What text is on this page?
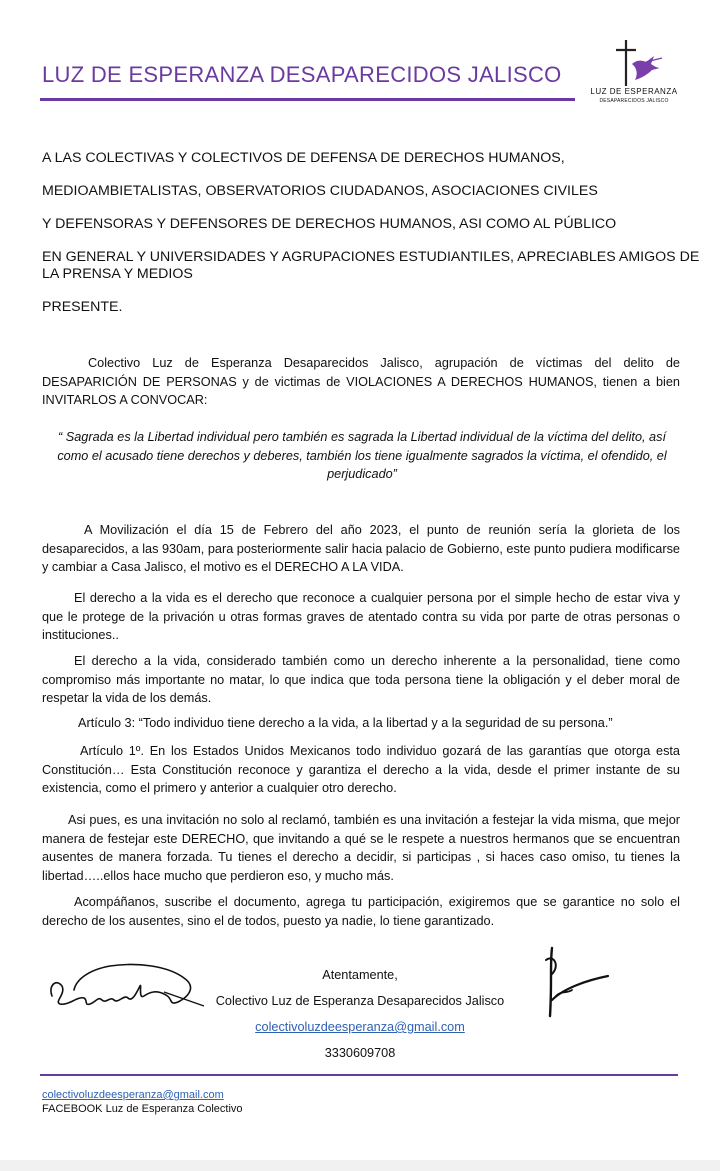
LUZ DE ESPERANZA DESAPARECIDOS JALISCO
LUZ DE ESPERANZA
DESAPARECIDOS JALISCO
A LAS COLECTIVAS Y COLECTIVOS DE DEFENSA DE DERECHOS HUMANOS,
MEDIOAMBIETALISTAS, OBSERVATORIOS CIUDADANOS, ASOCIACIONES CIVILES
Y DEFENSORAS Y DEFENSORES DE DERECHOS HUMANOS, ASI COMO AL PÚBLICO
EN GENERAL Y UNIVERSIDADES Y AGRUPACIONES ESTUDIANTILES, APRECIABLES AMIGOS DE
LA PRENSA Y MEDIOS
PRESENTE.
Colectivo Luz de Esperanza Desaparecidos Jalisco, agrupación de víctimas del delito de DESAPARICIÓN DE PERSONAS y de victimas de VIOLACIONES A DERECHOS HUMANOS, tienen a bien INVITARLOS A CONVOCAR:
“ Sagrada es la Libertad individual pero también es sagrada la Libertad individual de la víctima del delito, así como el acusado tiene derechos y deberes, también los tiene igualmente sagrados la víctima, el ofendido, el perjudicado”
A Movilización el día 15 de Febrero del año 2023, el punto de reunión sería la glorieta de los desaparecidos, a las 930am, para posteriormente salir hacia palacio de Gobierno, este punto pudiera modificarse y cambiar a Casa Jalisco, el motivo es el DERECHO A LA VIDA.
El derecho a la vida es el derecho que reconoce a cualquier persona por el simple hecho de estar viva y que le protege de la privación u otras formas graves de atentado contra su vida por parte de otras personas o instituciones..
El derecho a la vida, considerado también como un derecho inherente a la personalidad, tiene como compromiso más importante no matar, lo que indica que toda persona tiene la obligación y el deber moral de respetar la vida de los demás.
Artículo 3: “Todo individuo tiene derecho a la vida, a la libertad y a la seguridad de su persona.”
Artículo 1º. En los Estados Unidos Mexicanos todo individuo gozará de las garantías que otorga esta Constitución… Esta Constitución reconoce y garantiza el derecho a la vida, desde el primer instante de su existencia, como el primero y anterior a cualquier otro derecho.
Asi pues, es una invitación no solo al reclamó, también es una invitación a festejar la vida misma, que mejor manera de festejar este DERECHO, que invitando a qué se le respete a nuestros hermanos que se encuentran ausentes de manera forzada. Tu tienes el derecho a decidir, si participas , si haces caso omiso, tu tienes la libertad…..ellos hace mucho que perdieron eso, y mucho más.
Acompáñanos, suscribe el documento, agrega tu participación, exigiremos que se garantice no solo el derecho de los ausentes, sino el de todos, puesto ya nadie, lo tiene garantizado.
Atentamente,
Colectivo Luz de Esperanza Desaparecidos Jalisco
colectivoluzdeesperanza@gmail.com
3330609708
colectivoluzdeesperanza@gmail.com
FACEBOOK Luz de Esperanza Colectivo
